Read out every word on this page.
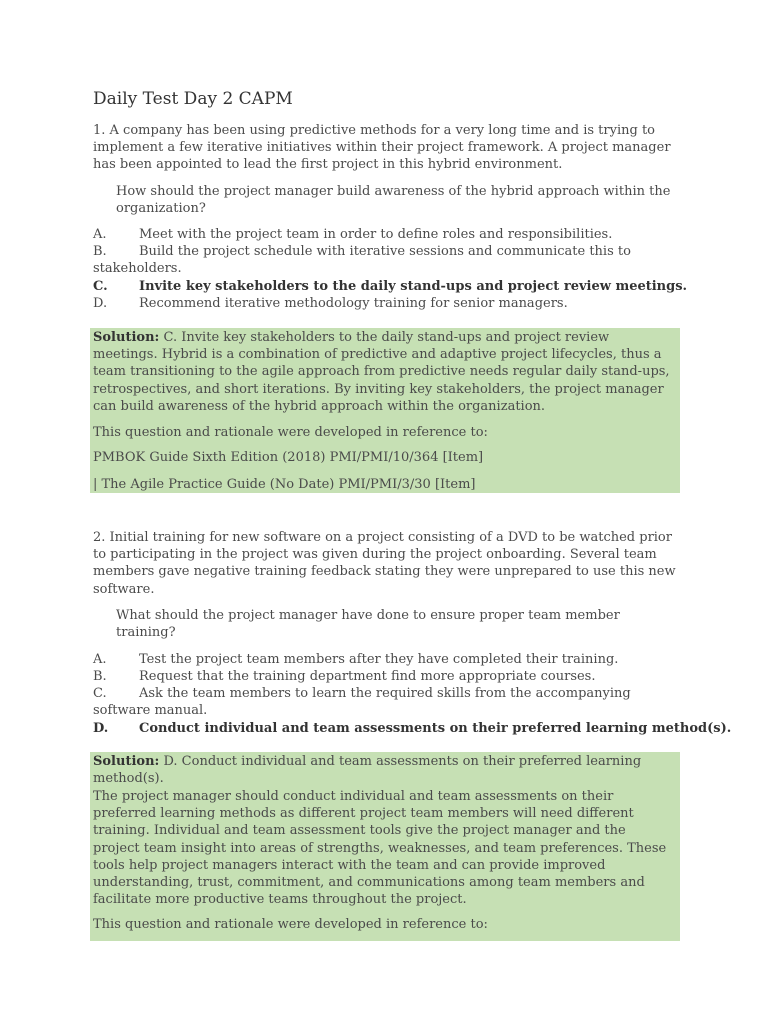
Daily Test Day 2 CAPM

1. A company has been using predictive methods for a very long time and is trying to implement a few iterative initiatives within their project framework. A project manager has been appointed to lead the first project in this hybrid environment.

How should the project manager build awareness of the hybrid approach within the organization?

A. Meet with the project team in order to define roles and responsibilities.
B. Build the project schedule with iterative sessions and communicate this to stakeholders.
C. Invite key stakeholders to the daily stand-ups and project review meetings.
D. Recommend iterative methodology training for senior managers.

Solution: C. Invite key stakeholders to the daily stand-ups and project review meetings. Hybrid is a combination of predictive and adaptive project lifecycles, thus a team transitioning to the agile approach from predictive needs regular daily stand-ups, retrospectives, and short iterations. By inviting key stakeholders, the project manager can build awareness of the hybrid approach within the organization.

This question and rationale were developed in reference to:
PMBOK Guide Sixth Edition (2018) PMI/PMI/10/364 [Item]
| The Agile Practice Guide (No Date) PMI/PMI/3/30 [Item]

2. Initial training for new software on a project consisting of a DVD to be watched prior to participating in the project was given during the project onboarding. Several team members gave negative training feedback stating they were unprepared to use this new software.

What should the project manager have done to ensure proper team member training?

A. Test the project team members after they have completed their training.
B. Request that the training department find more appropriate courses.
C. Ask the team members to learn the required skills from the accompanying software manual.
D. Conduct individual and team assessments on their preferred learning method(s).

Solution: D. Conduct individual and team assessments on their preferred learning method(s).

The project manager should conduct individual and team assessments on their preferred learning methods as different project team members will need different training. Individual and team assessment tools give the project manager and the project team insight into areas of strengths, weaknesses, and team preferences. These tools help project managers interact with the team and can provide improved understanding, trust, commitment, and communications among team members and facilitate more productive teams throughout the project.

This question and rationale were developed in reference to:
